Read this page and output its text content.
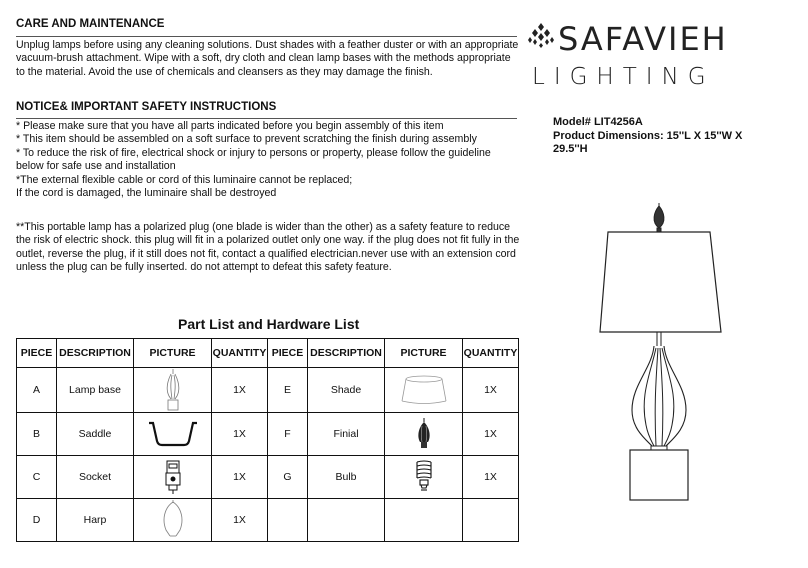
CARE AND MAINTENANCE
Unplug lamps before using any cleaning solutions. Dust shades with a feather duster or with an appropriate
vacuum-brush attachment. Wipe with a soft, dry cloth and clean lamp bases with the methods appropriate
to the material. Avoid the use of chemicals and cleansers as they may damage the finish.
NOTICE& IMPORTANT SAFETY INSTRUCTIONS
* Please make sure that you have all parts indicated before you begin assembly of this item
* This item should be assembled on a soft surface to prevent scratching the finish during assembly
* To reduce the risk of fire, electrical shock or injury to persons or property, please follow the guideline
below for safe use and installation
*The external flexible cable or cord of this luminaire cannot be replaced;
If the cord is damaged, the luminaire shall be destroyed
**This portable lamp has a polarized plug (one blade is wider than the other) as a safety feature to reduce
the risk of electric shock. this plug will fit in a polarized outlet only one way. if the plug does not fit fully in the
outlet, reverse the plug, if it still does not fit, contact a qualified electrician.never use with an extension cord
unless the plug can be fully inserted. do not attempt to defeat this safety feature.
SAFAVIEH
LIGHTING
Model# LIT4256A
Product Dimensions: 15''L X 15''W X
29.5''H
Part List and Hardware List
PIECE	DESCRIPTION	PICTURE	QUANTITY	PIECE	DESCRIPTION	PICTURE	QUANTITY
A	Lamp base		1X	E	Shade		1X
B	Saddle		1X	F	Finial		1X
C	Socket		1X	G	Bulb		1X
D	Harp		1X				
